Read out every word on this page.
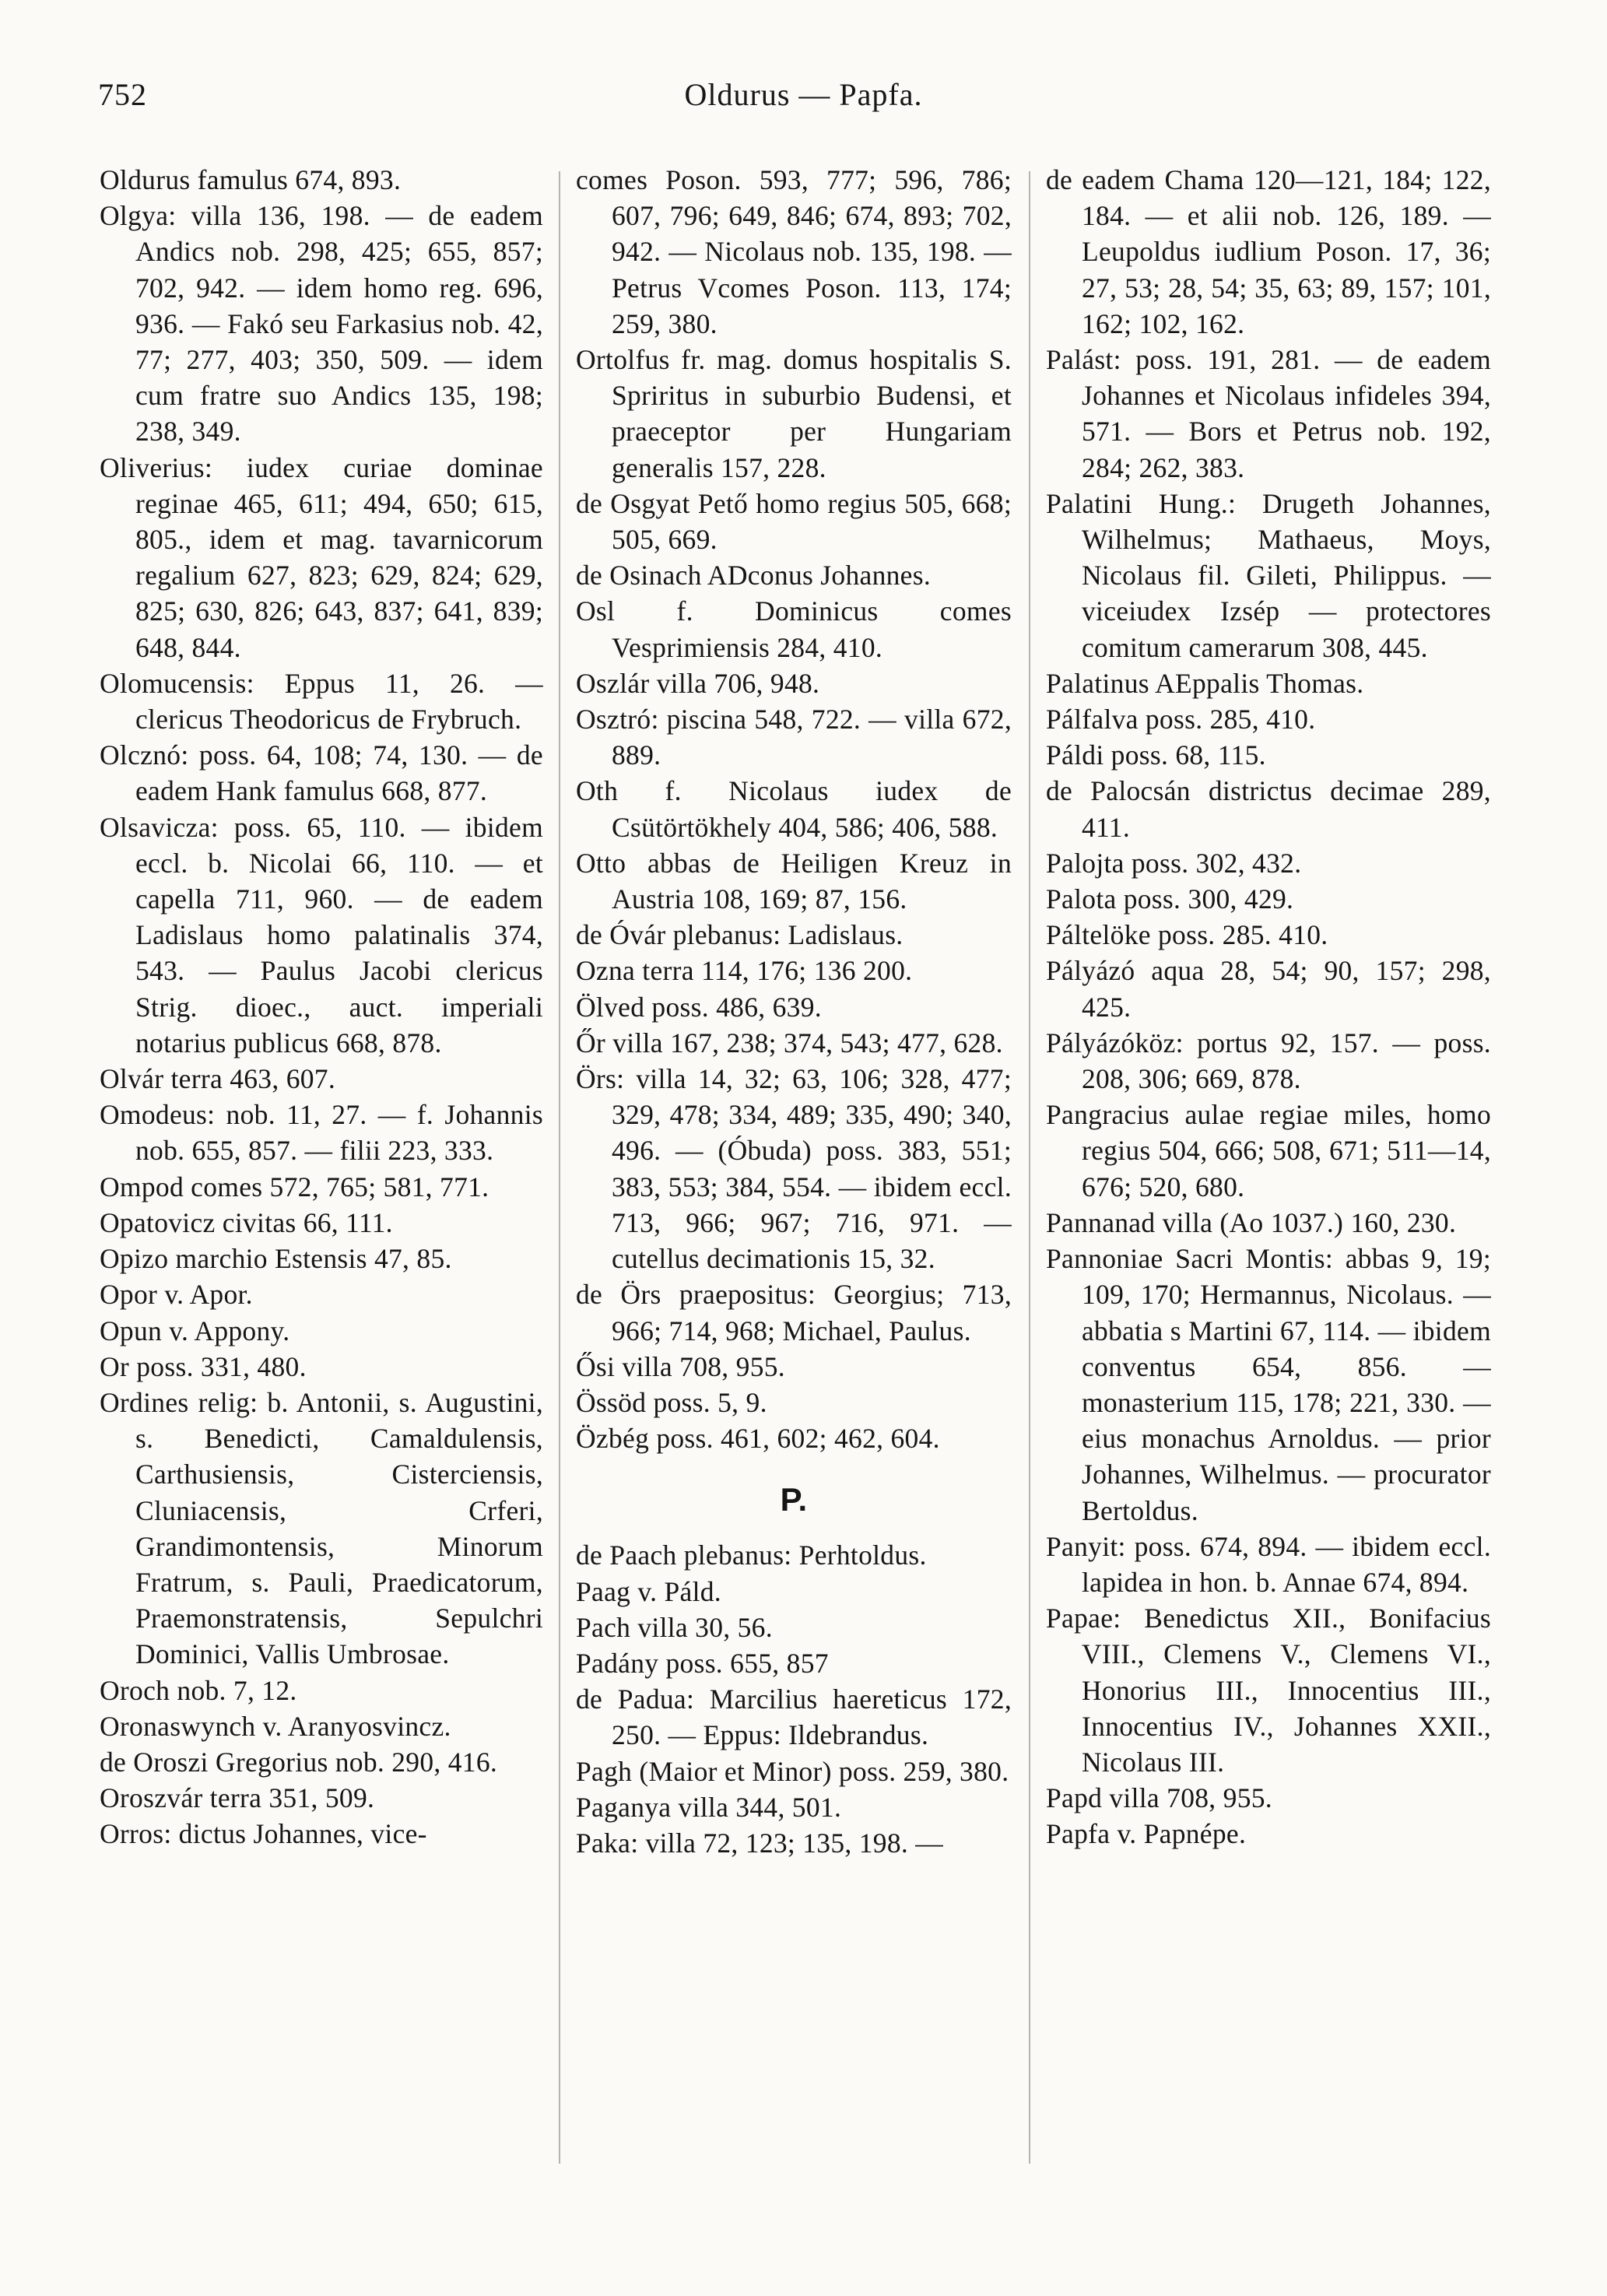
752	Oldurus — Papfa.

Oldurus famulus 674, 893.

Olgya: villa 136, 198. — de eadem Andics nob. 298, 425; 655, 857; 702, 942. — idem homo reg. 696, 936. — Fakó seu Farkasius nob. 42, 77; 277, 403; 350, 509. — idem cum fratre suo Andics 135, 198; 238, 349.

Oliverius: iudex curiae dominae reginae 465, 611; 494, 650; 615, 805., idem et mag. tavarnicorum regalium 627, 823; 629, 824; 629, 825; 630, 826; 643, 837; 641, 839; 648, 844.

Olomucensis: Eppus 11, 26. — clericus Theodoricus de Frybruch.

Olcznó: poss. 64, 108; 74, 130. — de eadem Hank famulus 668, 877.

Olsavicza: poss. 65, 110. — ibidem eccl. b. Nicolai 66, 110. — et capella 711, 960. — de eadem Ladislaus homo palatinalis 374, 543. — Paulus Jacobi clericus Strig. dioec., auct. imperiali notarius publicus 668, 878.

Olvár terra 463, 607.

Omodeus: nob. 11, 27. — f. Johannis nob. 655, 857. — filii 223, 333.

Ompod comes 572, 765; 581, 771.

Opatovicz civitas 66, 111.

Opizo marchio Estensis 47, 85.

Opor v. Apor.

Opun v. Appony.

Or poss. 331, 480.

Ordines relig: b. Antonii, s. Augustini, s. Benedicti, Camaldulensis, Carthusiensis, Cisterciensis, Cluniacensis, Crferi, Grandimontensis, Minorum Fratrum, s. Pauli, Praedicatorum, Praemonstratensis, Sepulchri Dominici, Vallis Umbrosae.

Oroch nob. 7, 12.

Oronaswynch v. Aranyosvincz.

de Oroszi Gregorius nob. 290, 416.

Oroszvár terra 351, 509.

Orros: dictus Johannes, vice-

comes Poson. 593, 777; 596, 786; 607, 796; 649, 846; 674, 893; 702, 942. — Nicolaus nob. 135, 198. — Petrus Vcomes Poson. 113, 174; 259, 380.

Ortolfus fr. mag. domus hospitalis S. Spriritus in suburbio Budensi, et praeceptor per Hungariam generalis 157, 228.

de Osgyat Pető homo regius 505, 668; 505, 669.

de Osinach ADconus Johannes.

Osl f. Dominicus comes Vesprimiensis 284, 410.

Oszlár villa 706, 948.

Osztró: piscina 548, 722. — villa 672, 889.

Oth f. Nicolaus iudex de Csütörtökhely 404, 586; 406, 588.

Otto abbas de Heiligen Kreuz in Austria 108, 169; 87, 156.

de Óvár plebanus: Ladislaus.

Ozna terra 114, 176; 136 200.

Ölved poss. 486, 639.

Őr villa 167, 238; 374, 543; 477, 628.

Örs: villa 14, 32; 63, 106; 328, 477; 329, 478; 334, 489; 335, 490; 340, 496. — (Óbuda) poss. 383, 551; 383, 553; 384, 554. — ibidem eccl. 713, 966; 967; 716, 971. — cutellus decimationis 15, 32.

de Örs praepositus: Georgius; 713, 966; 714, 968; Michael, Paulus.

Ősi villa 708, 955.

Össöd poss. 5, 9.

Özbég poss. 461, 602; 462, 604.

P.

de Paach plebanus: Perhtoldus.

Paag v. Páld.

Pach villa 30, 56.

Padány poss. 655, 857

de Padua: Marcilius haereticus 172, 250. — Eppus: Ildebrandus.

Pagh (Maior et Minor) poss. 259, 380.

Paganya villa 344, 501.

Paka: villa 72, 123; 135, 198. —

de eadem Chama 120—121, 184; 122, 184. — et alii nob. 126, 189. — Leupoldus iudlium Poson. 17, 36; 27, 53; 28, 54; 35, 63; 89, 157; 101, 162; 102, 162.

Palást: poss. 191, 281. — de eadem Johannes et Nicolaus infideles 394, 571. — Bors et Petrus nob. 192, 284; 262, 383.

Palatini Hung.: Drugeth Johannes, Wilhelmus; Mathaeus, Moys, Nicolaus fil. Gileti, Philippus. — viceiudex Izsép — protectores comitum camerarum 308, 445.

Palatinus AEppalis Thomas.

Pálfalva poss. 285, 410.

Páldi poss. 68, 115.

de Palocsán districtus decimae 289, 411.

Palojta poss. 302, 432.

Palota poss. 300, 429.

Páltelöke poss. 285. 410.

Pályázó aqua 28, 54; 90, 157; 298, 425.

Pályázóköz: portus 92, 157. — poss. 208, 306; 669, 878.

Pangracius aulae regiae miles, homo regius 504, 666; 508, 671; 511—14, 676; 520, 680.

Pannanad villa (Ao 1037.) 160, 230.

Pannoniae Sacri Montis: abbas 9, 19; 109, 170; Hermannus, Nicolaus. — abbatia s Martini 67, 114. — ibidem conventus 654, 856. — monasterium 115, 178; 221, 330. — eius monachus Arnoldus. — prior Johannes, Wilhelmus. — procurator Bertoldus.

Panyit: poss. 674, 894. — ibidem eccl. lapidea in hon. b. Annae 674, 894.

Papae: Benedictus XII., Bonifacius VIII., Clemens V., Clemens VI., Honorius III., Innocentius III., Innocentius IV., Johannes XXII., Nicolaus III.

Papd villa 708, 955.

Papfa v. Papnépe.
